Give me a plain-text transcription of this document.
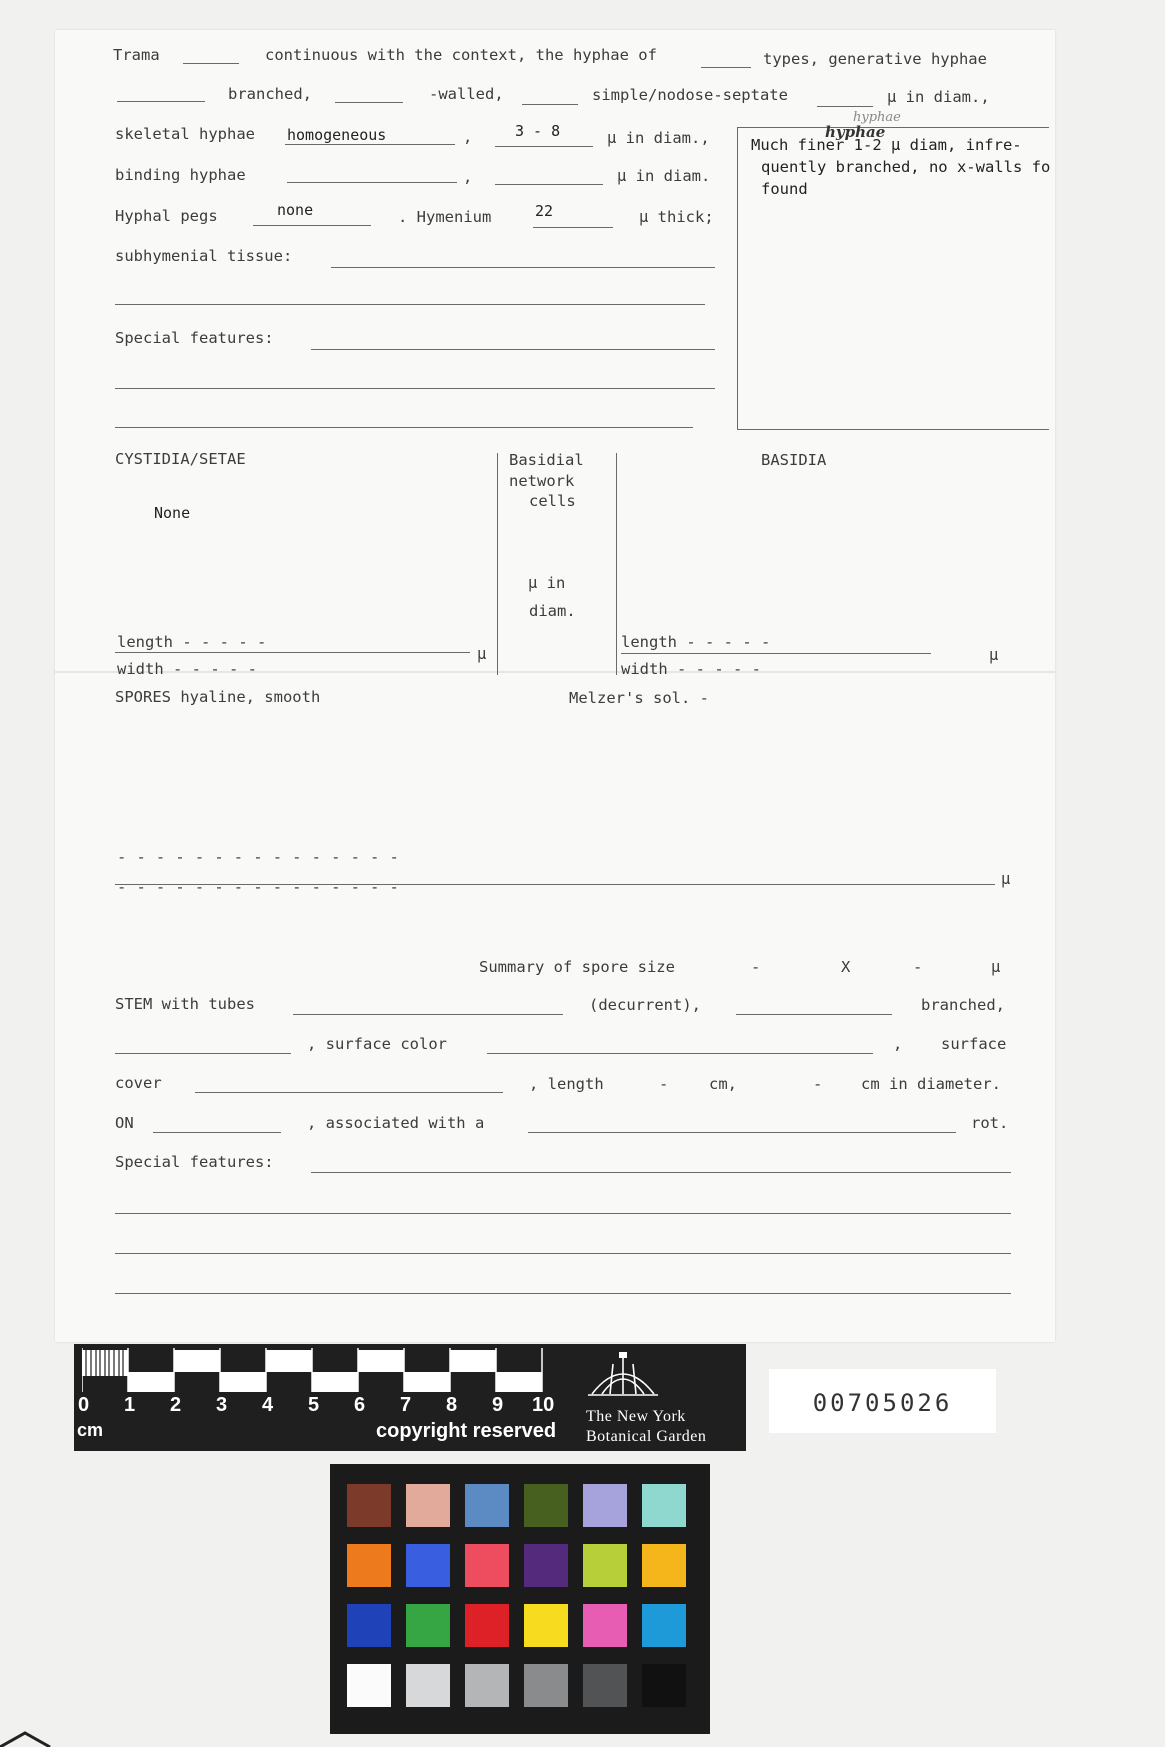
Trama	continuous with the context, the hyphae of	types, generative hyphae
branched,	-walled,	simple/nodose-septate	μ in diam.,
skeletal hyphae homogeneous	,	3 - 8	μ in diam.,
binding hyphae	,	μ in diam.
Hyphal pegs	none	. Hymenium	22	μ thick;
subhymenial tissue:
Special features:
hyphae
hyphae
Much finer 1-2 μ diam, infre-
quently branched, no x-walls fo
found
CYSTIDIA/SETAE
None
length - - - - -
width - - - - -
μ
Basidial
network
cells
μ in
diam.
BASIDIA
length - - - - -
width - - - - -
μ
SPORES hyaline, smooth	Melzer's sol. -
- - - - - - - - - - - - - - -
- - - - - - - - - - - - - - -	μ
Summary of spore size	-	X	-	μ
STEM with tubes	(decurrent),	branched,
, surface color	, surface
cover	, length	-	cm,	- cm in diameter.
ON	, associated with a	rot.
Special features:
0 1 2 3 4 5 6 7 8 9 10
cm	copyright reserved
The New York
Botanical Garden
00705026
